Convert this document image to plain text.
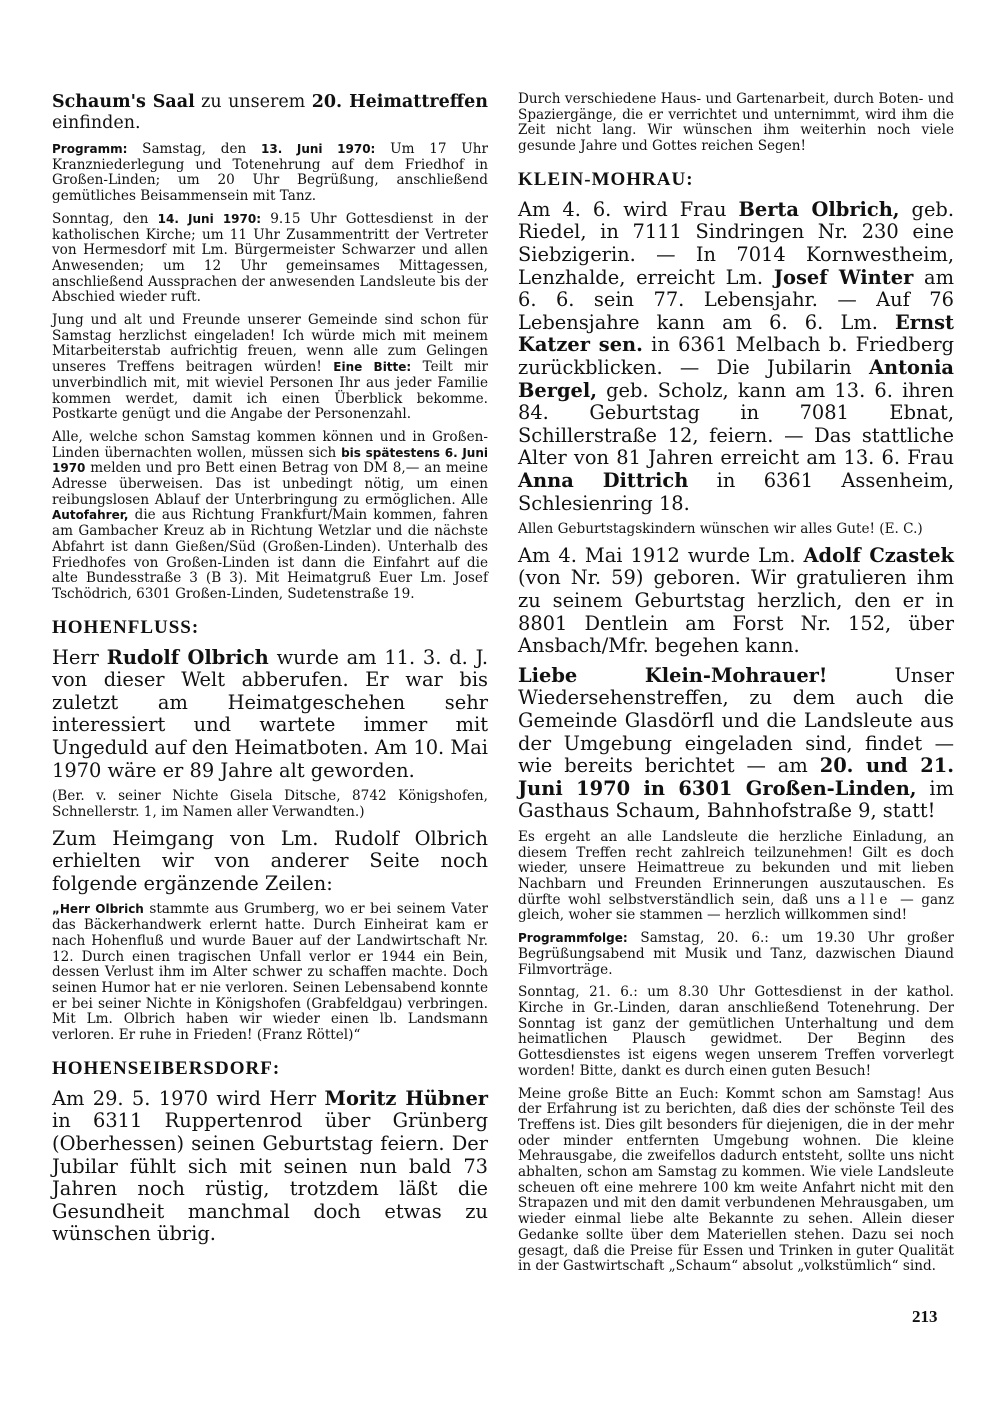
Schaum's Saal zu unserem 20. Heimattreffen einfinden.

Programm: Samstag, den 13. Juni 1970: Um 17 Uhr Kranzniederlegung und Totenehrung auf dem Friedhof in Großen-Linden; um 20 Uhr Begrüßung, anschließend gemütliches Beisammensein mit Tanz.

Sonntag, den 14. Juni 1970: 9.15 Uhr Gottesdienst in der katholischen Kirche; um 11 Uhr Zusammentritt der Vertreter von Hermesdorf mit Lm. Bürgermeister Schwarzer und allen Anwesenden; um 12 Uhr gemeinsames Mittagessen, anschließend Aussprachen der anwesenden Landsleute bis der Abschied wieder ruft.

Jung und alt und Freunde unserer Gemeinde sind schon für Samstag herzlichst eingeladen! Ich würde mich mit meinem Mitarbeiterstab aufrichtig freuen, wenn alle zum Gelingen unseres Treffens beitragen würden! Eine Bitte: Teilt mir unverbindlich mit, mit wieviel Personen Ihr aus jeder Familie kommen werdet, damit ich einen Überblick bekomme. Postkarte genügt und die Angabe der Personenzahl.

Alle, welche schon Samstag kommen können und in Großen-Linden übernachten wollen, müssen sich bis spätestens 6. Juni 1970 melden und pro Bett einen Betrag von DM 8,— an meine Adresse überweisen. Das ist unbedingt nötig, um einen reibungslosen Ablauf der Unterbringung zu ermöglichen. Alle Autofahrer, die aus Richtung Frankfurt/Main kommen, fahren am Gambacher Kreuz ab in Richtung Wetzlar und die nächste Abfahrt ist dann Gießen/Süd (Großen-Linden). Unterhalb des Friedhofes von Großen-Linden ist dann die Einfahrt auf die alte Bundesstraße 3 (B 3). Mit Heimatgruß Euer Lm. Josef Tschödrich, 6301 Großen-Linden, Sudetenstraße 19.

HOHENFLUSS:

Herr Rudolf Olbrich wurde am 11. 3. d. J. von dieser Welt abberufen. Er war bis zuletzt am Heimatgeschehen sehr interessiert und wartete immer mit Ungeduld auf den Heimatboten. Am 10. Mai 1970 wäre er 89 Jahre alt geworden.

(Ber. v. seiner Nichte Gisela Ditsche, 8742 Königshofen, Schnellerstr. 1, im Namen aller Verwandten.)

Zum Heimgang von Lm. Rudolf Olbrich erhielten wir von anderer Seite noch folgende ergänzende Zeilen:

„Herr Olbrich stammte aus Grumberg, wo er bei seinem Vater das Bäckerhandwerk erlernt hatte. Durch Einheirat kam er nach Hohenfluß und wurde Bauer auf der Landwirtschaft Nr. 12. Durch einen tragischen Unfall verlor er 1944 ein Bein, dessen Verlust ihm im Alter schwer zu schaffen machte. Doch seinen Humor hat er nie verloren. Seinen Lebensabend konnte er bei seiner Nichte in Königshofen (Grabfeldgau) verbringen. Mit Lm. Olbrich haben wir wieder einen lb. Landsmann verloren. Er ruhe in Frieden! (Franz Röttel)“

HOHENSEIBERSDORF:

Am 29. 5. 1970 wird Herr Moritz Hübner in 6311 Ruppertenrod über Grünberg (Oberhessen) seinen Geburtstag feiern. Der Jubilar fühlt sich mit seinen nun bald 73 Jahren noch rüstig, trotzdem läßt die Gesundheit manchmal doch etwas zu wünschen übrig.

Durch verschiedene Haus- und Gartenarbeit, durch Boten- und Spaziergänge, die er verrichtet und unternimmt, wird ihm die Zeit nicht lang. Wir wünschen ihm weiterhin noch viele gesunde Jahre und Gottes reichen Segen!

KLEIN-MOHRAU:

Am 4. 6. wird Frau Berta Olbrich, geb. Riedel, in 7111 Sindringen Nr. 230 eine Siebzigerin. — In 7014 Kornwestheim, Lenzhalde, erreicht Lm. Josef Winter am 6. 6. sein 77. Lebensjahr. — Auf 76 Lebensjahre kann am 6. 6. Lm. Ernst Katzer sen. in 6361 Melbach b. Friedberg zurückblicken. — Die Jubilarin Antonia Bergel, geb. Scholz, kann am 13. 6. ihren 84. Geburtstag in 7081 Ebnat, Schillerstraße 12, feiern. — Das stattliche Alter von 81 Jahren erreicht am 13. 6. Frau Anna Dittrich in 6361 Assenheim, Schlesienring 18.

Allen Geburtstagskindern wünschen wir alles Gute! (E. C.)

Am 4. Mai 1912 wurde Lm. Adolf Czastek (von Nr. 59) geboren. Wir gratulieren ihm zu seinem Geburtstag herzlich, den er in 8801 Dentlein am Forst Nr. 152, über Ansbach/Mfr. begehen kann.

Liebe Klein-Mohrauer! Unser Wiedersehenstreffen, zu dem auch die Gemeinde Glasdörfl und die Landsleute aus der Umgebung eingeladen sind, findet — wie bereits berichtet — am 20. und 21. Juni 1970 in 6301 Großen-Linden, im Gasthaus Schaum, Bahnhofstraße 9, statt!

Es ergeht an alle Landsleute die herzliche Einladung, an diesem Treffen recht zahlreich teilzunehmen! Gilt es doch wieder, unsere Heimattreue zu bekunden und mit lieben Nachbarn und Freunden Erinnerungen auszutauschen. Es dürfte wohl selbstverständlich sein, daß uns alle — ganz gleich, woher sie stammen — herzlich willkommen sind!

Programmfolge: Samstag, 20. 6.: um 19.30 Uhr großer Begrüßungsabend mit Musik und Tanz, dazwischen Diaund Filmvorträge.

Sonntag, 21. 6.: um 8.30 Uhr Gottesdienst in der kathol. Kirche in Gr.-Linden, daran anschließend Totenehrung. Der Sonntag ist ganz der gemütlichen Unterhaltung und dem heimatlichen Plausch gewidmet. Der Beginn des Gottesdienstes ist eigens wegen unserem Treffen vorverlegt worden! Bitte, dankt es durch einen guten Besuch!

Meine große Bitte an Euch: Kommt schon am Samstag! Aus der Erfahrung ist zu berichten, daß dies der schönste Teil des Treffens ist. Dies gilt besonders für diejenigen, die in der mehr oder minder entfernten Umgebung wohnen. Die kleine Mehrausgabe, die zweifellos dadurch entsteht, sollte uns nicht abhalten, schon am Samstag zu kommen. Wie viele Landsleute scheuen oft eine mehrere 100 km weite Anfahrt nicht mit den Strapazen und mit den damit verbundenen Mehrausgaben, um wieder einmal liebe alte Bekannte zu sehen. Allein dieser Gedanke sollte über dem Materiellen stehen. Dazu sei noch gesagt, daß die Preise für Essen und Trinken in guter Qualität in der Gastwirtschaft „Schaum“ absolut „volkstümlich“ sind.

213
